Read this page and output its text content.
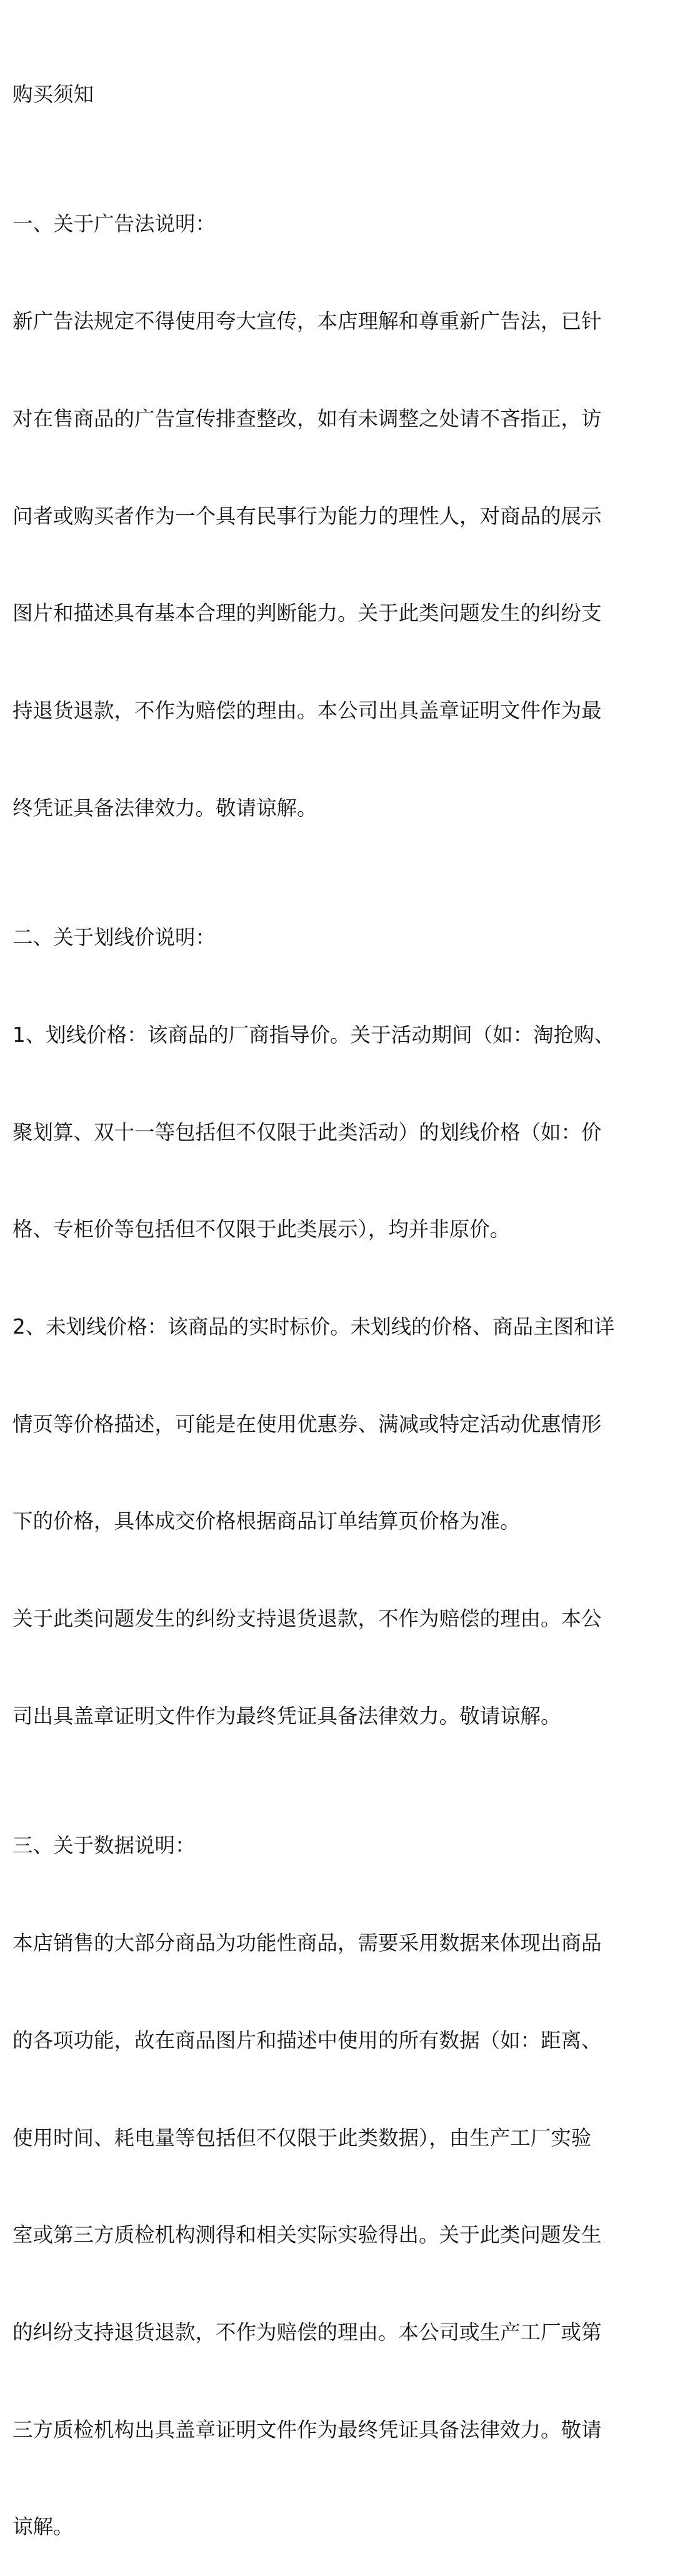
购买须知

一、关于广告法说明：

新广告法规定不得使用夸大宣传，本店理解和尊重新广告法，已针

对在售商品的广告宣传排查整改，如有未调整之处请不吝指正，访

问者或购买者作为一个具有民事行为能力的理性人，对商品的展示

图片和描述具有基本合理的判断能力。关于此类问题发生的纠纷支

持退货退款，不作为赔偿的理由。本公司出具盖章证明文件作为最

终凭证具备法律效力。敬请谅解。

二、关于划线价说明：

1、划线价格：该商品的厂商指导价。关于活动期间（如：淘抢购、

聚划算、双十一等包括但不仅限于此类活动）的划线价格（如：价

格、专柜价等包括但不仅限于此类展示），均并非原价。

2、未划线价格：该商品的实时标价。未划线的价格、商品主图和详

情页等价格描述，可能是在使用优惠券、满减或特定活动优惠情形

下的价格，具体成交价格根据商品订单结算页价格为准。

关于此类问题发生的纠纷支持退货退款，不作为赔偿的理由。本公

司出具盖章证明文件作为最终凭证具备法律效力。敬请谅解。

三、关于数据说明：

本店销售的大部分商品为功能性商品，需要采用数据来体现出商品

的各项功能，故在商品图片和描述中使用的所有数据（如：距离、

使用时间、耗电量等包括但不仅限于此类数据），由生产工厂实验

室或第三方质检机构测得和相关实际实验得出。关于此类问题发生

的纠纷支持退货退款，不作为赔偿的理由。本公司或生产工厂或第

三方质检机构出具盖章证明文件作为最终凭证具备法律效力。敬请

谅解。
